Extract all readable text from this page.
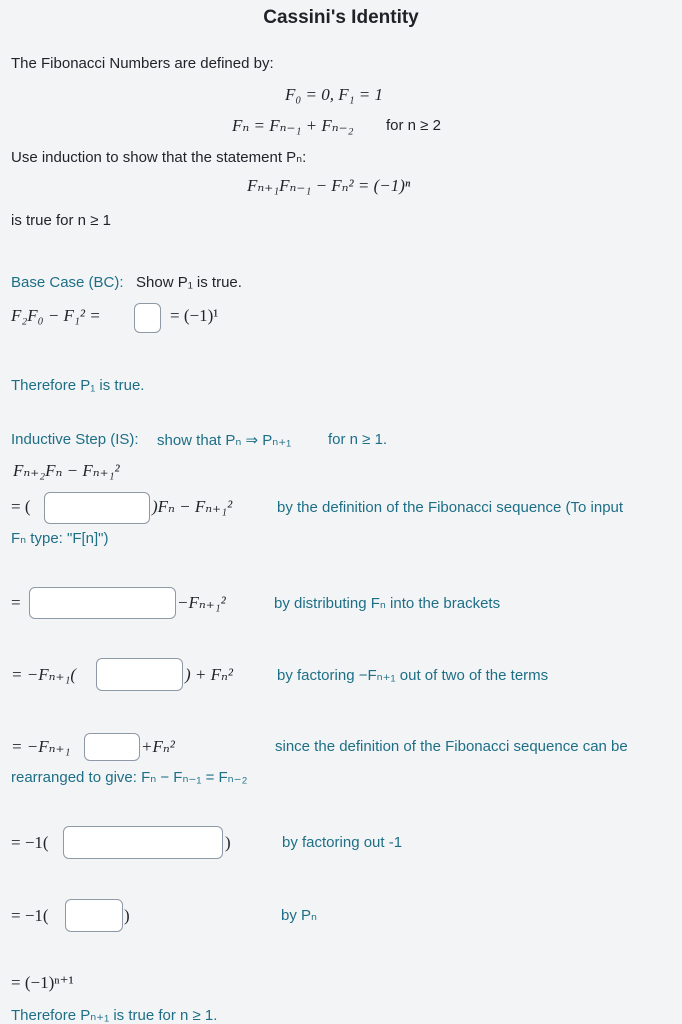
Cassini's Identity
The Fibonacci Numbers are defined by:
F₀ = 0, F₁ = 1
Fₙ = Fₙ₋₁ + Fₙ₋₂ for n ≥ 2
Use induction to show that the statement Pₙ:
Fₙ₊₁Fₙ₋₁ − Fₙ² = (−1)ⁿ
is true for n ≥ 1
Base Case (BC): Show P₁ is true.
F₂F₀ − F₁² =	= (−1)¹
Therefore P₁ is true.
Inductive Step (IS): show that Pₙ ⇒ Pₙ₊₁ for n ≥ 1.
Fₙ₊₂Fₙ − Fₙ₊₁²
= (	)Fₙ − Fₙ₊₁²	by the definition of the Fibonacci sequence (To input
Fₙ type: "F[n]")
=	−Fₙ₊₁²	by distributing Fₙ into the brackets
= −Fₙ₊₁(	) + Fₙ²	by factoring −Fₙ₊₁ out of two of the terms
= −Fₙ₊₁	+Fₙ²	since the definition of the Fibonacci sequence can be
rearranged to give: Fₙ − Fₙ₋₁ = Fₙ₋₂
= −1(	)	by factoring out -1
= −1(	)	by Pₙ
= (−1)ⁿ⁺¹
Therefore Pₙ₊₁ is true for n ≥ 1.
